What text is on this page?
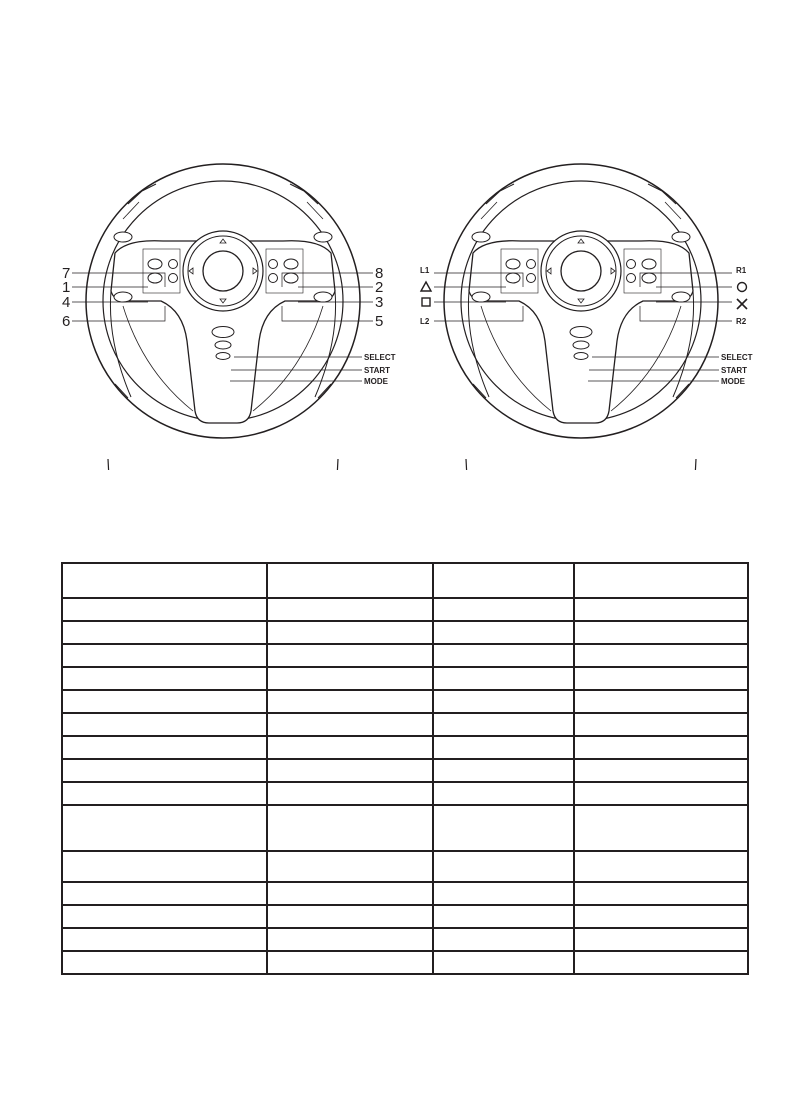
7
1
4
6
8
2
3
5
SELECT
START
MODE
L1
L2
R1
R2
SELECT
START
MODE
